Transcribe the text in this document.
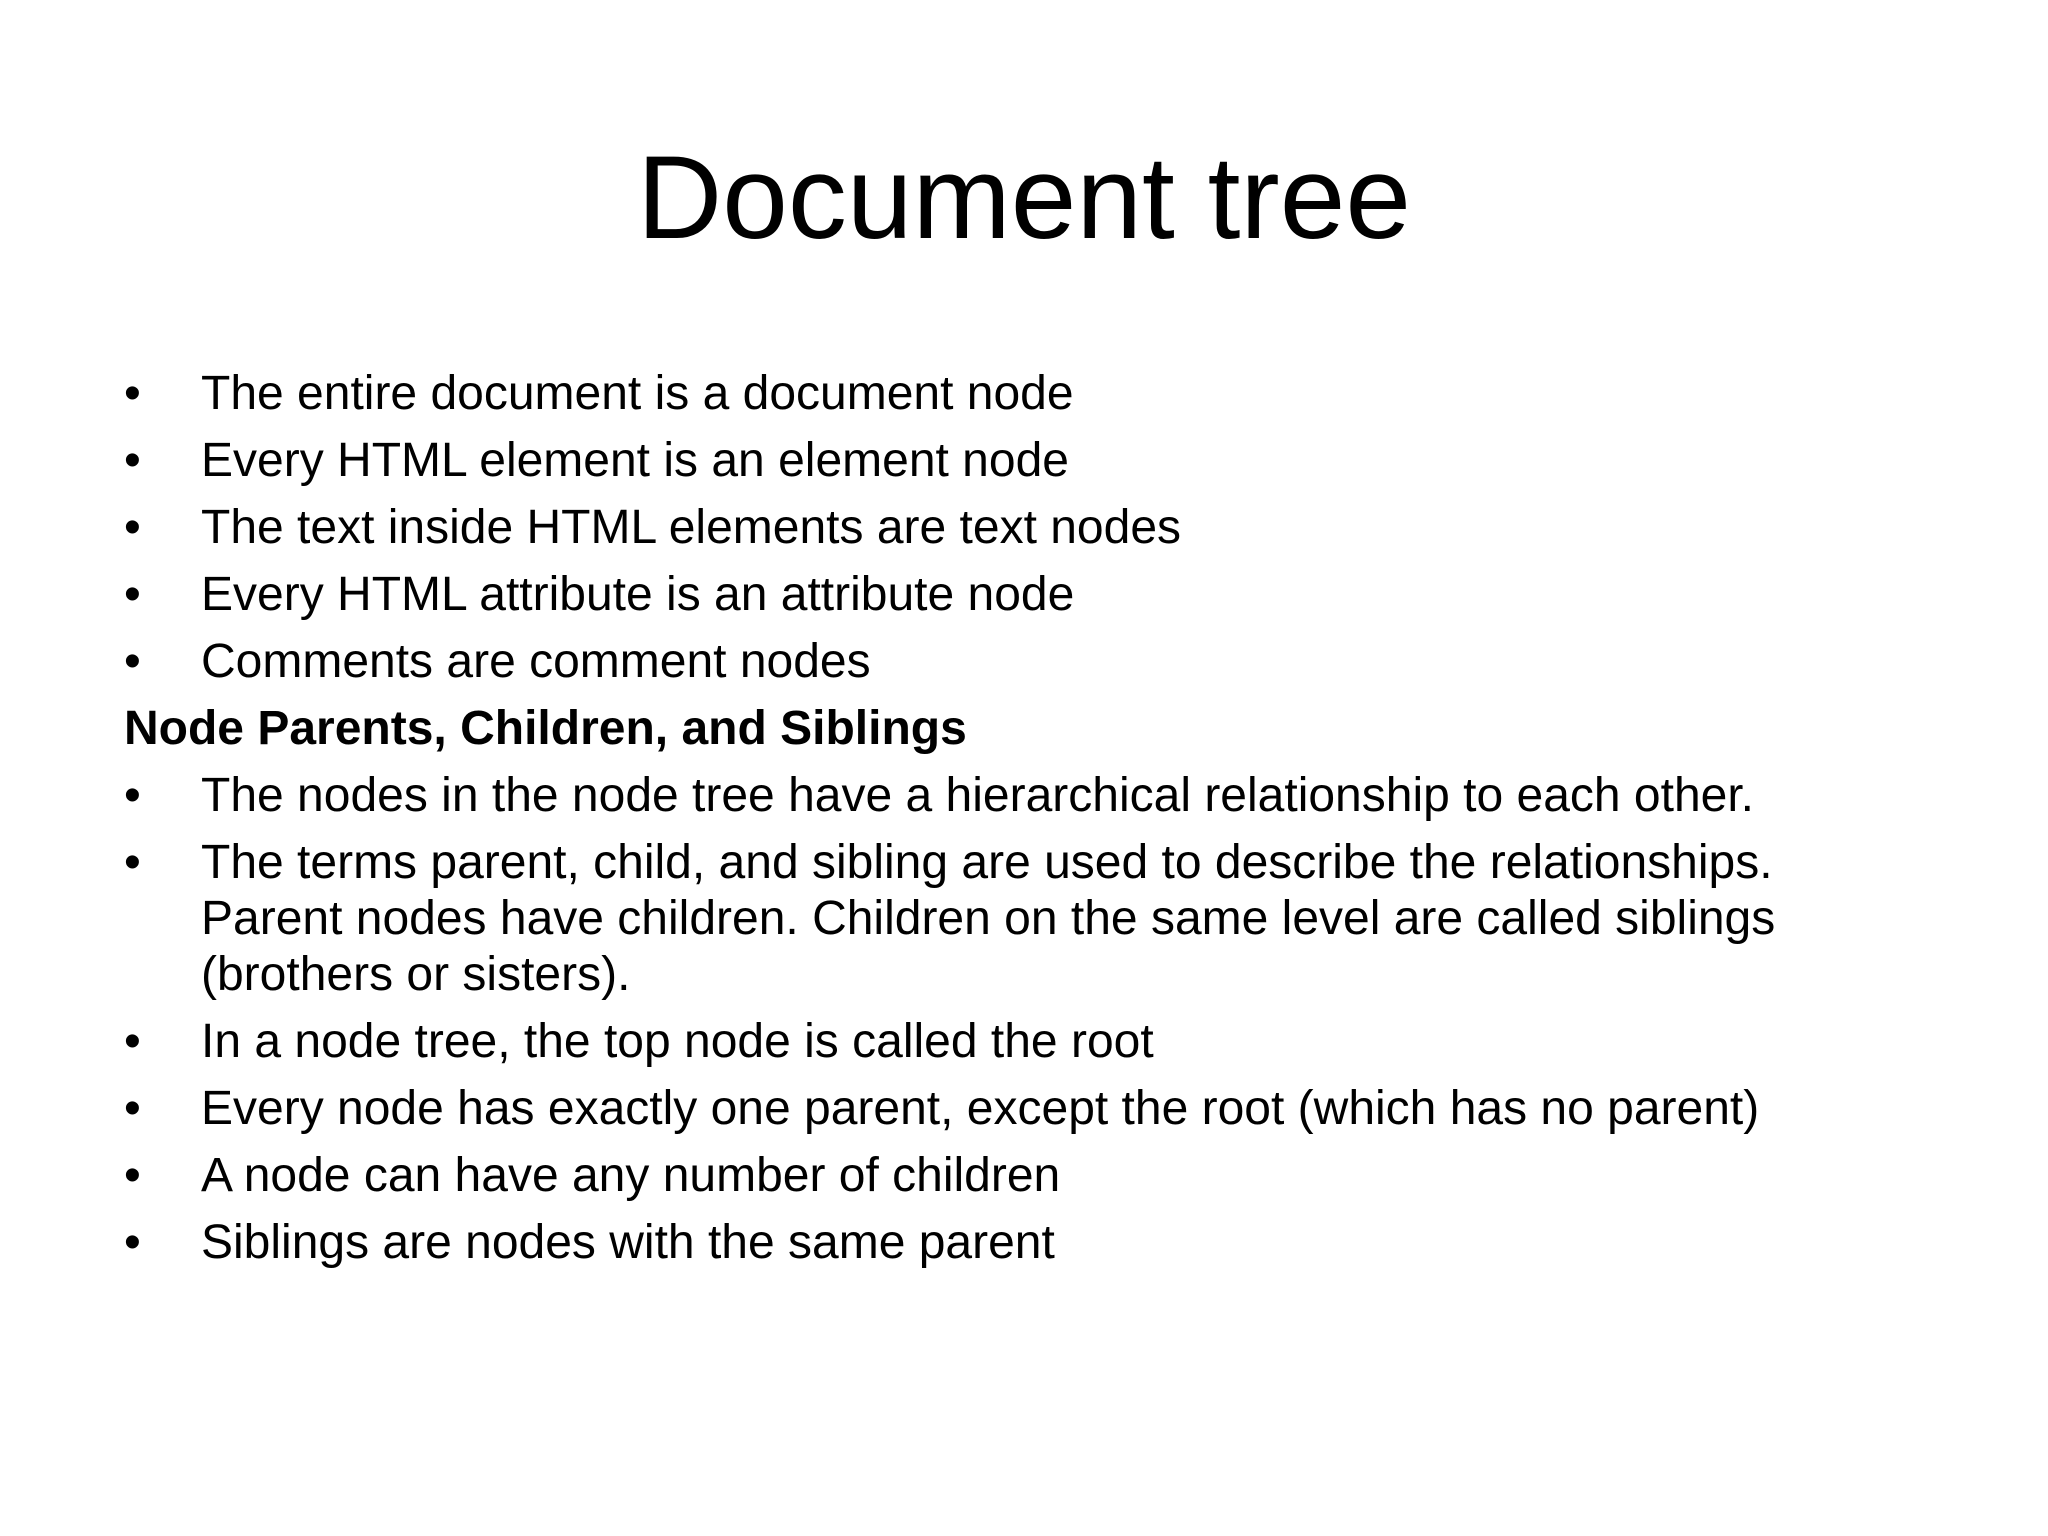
Document tree
•	The entire document is a document node
•	Every HTML element is an element node
•	The text inside HTML elements are text nodes
•	Every HTML attribute is an attribute node
•	Comments are comment nodes
Node Parents, Children, and Siblings
•	The nodes in the node tree have a hierarchical relationship to each other.
•	The terms parent, child, and sibling are used to describe the relationships.
Parent nodes have children. Children on the same level are called siblings
(brothers or sisters).
•	In a node tree, the top node is called the root
•	Every node has exactly one parent, except the root (which has no parent)
•	A node can have any number of children
•	Siblings are nodes with the same parent
